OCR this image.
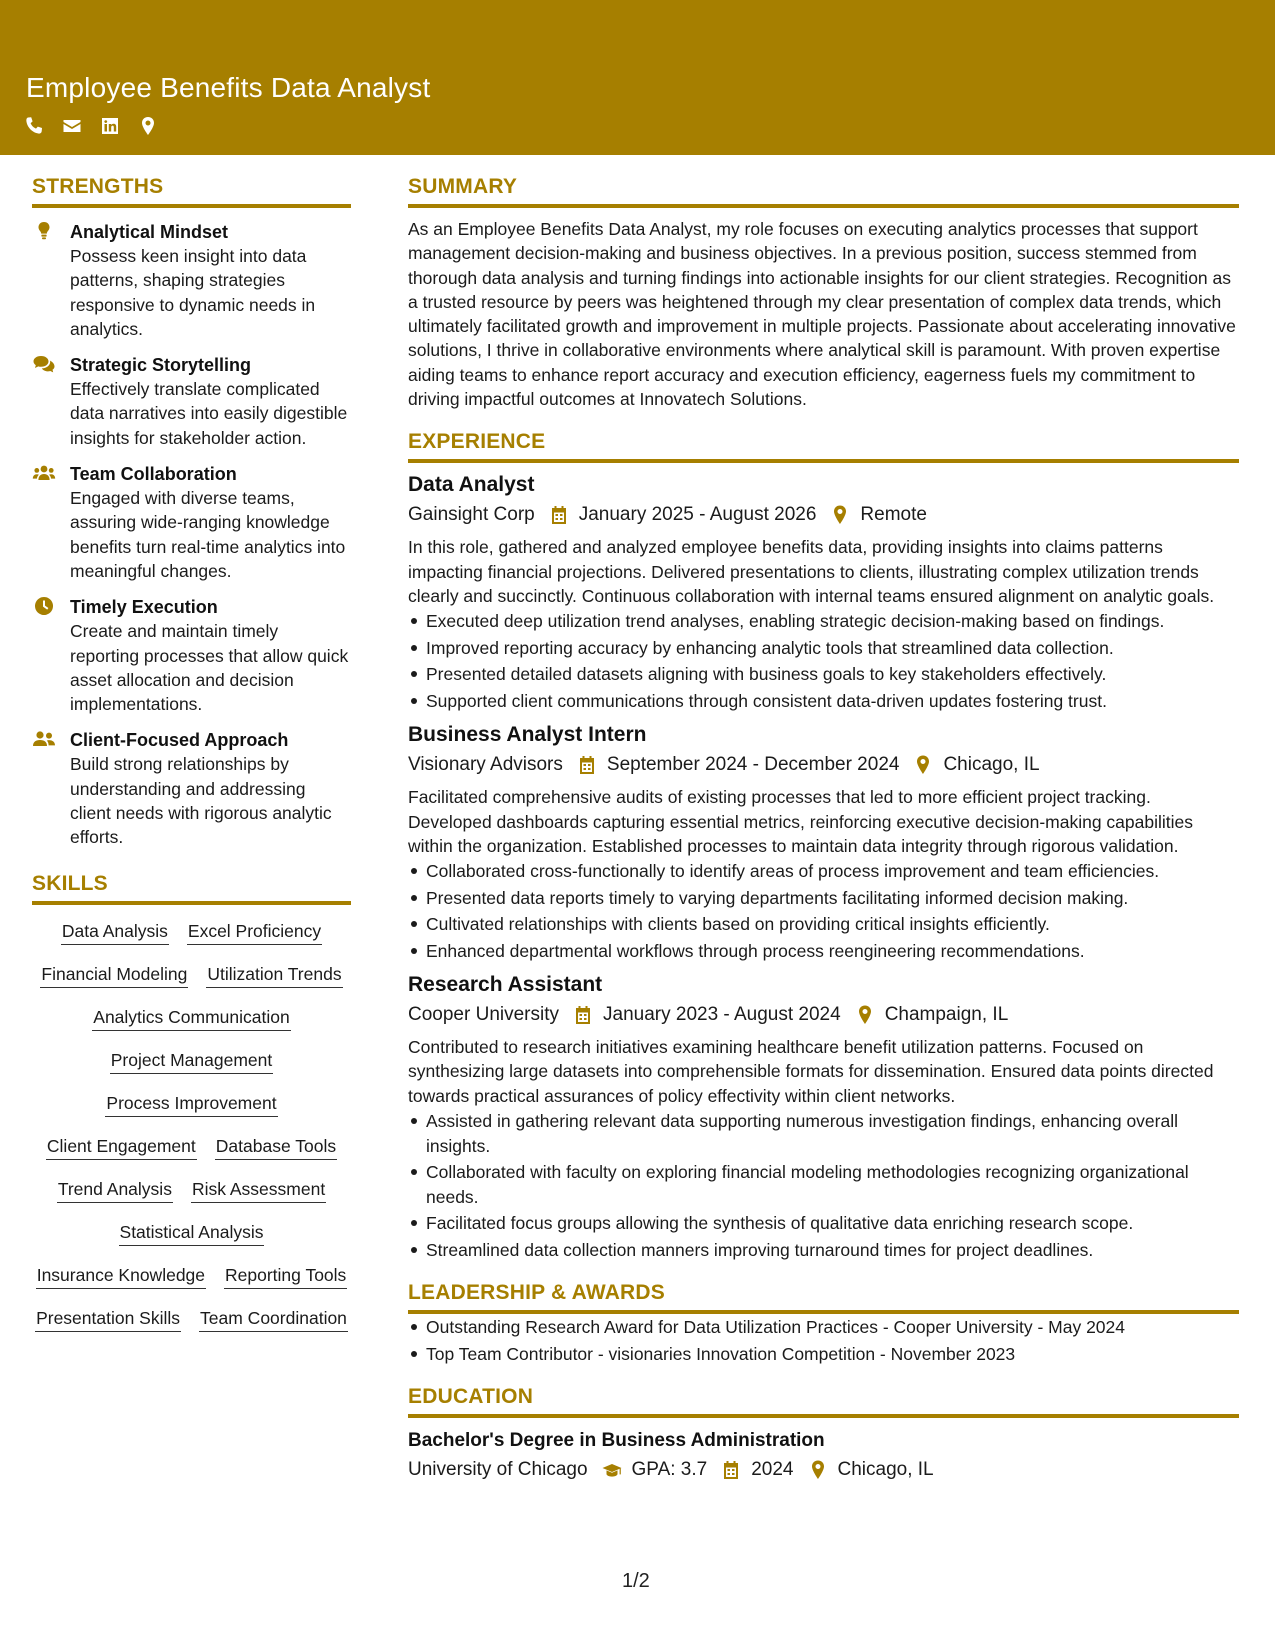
Employee Benefits Data Analyst
STRENGTHS
Analytical Mindset
Possess keen insight into data patterns, shaping strategies responsive to dynamic needs in analytics.
Strategic Storytelling
Effectively translate complicated data narratives into easily digestible insights for stakeholder action.
Team Collaboration
Engaged with diverse teams, assuring wide-ranging knowledge benefits turn real-time analytics into meaningful changes.
Timely Execution
Create and maintain timely reporting processes that allow quick asset allocation and decision implementations.
Client-Focused Approach
Build strong relationships by understanding and addressing client needs with rigorous analytic efforts.
SKILLS
Data Analysis Excel Proficiency
Financial Modeling Utilization Trends
Analytics Communication
Project Management
Process Improvement
Client Engagement Database Tools
Trend Analysis Risk Assessment
Statistical Analysis
Insurance Knowledge Reporting Tools
Presentation Skills Team Coordination
SUMMARY

As an Employee Benefits Data Analyst, my role focuses on executing analytics processes that support management decision-making and business objectives. In a previous position, success stemmed from thorough data analysis and turning findings into actionable insights for our client strategies. Recognition as a trusted resource by peers was heightened through my clear presentation of complex data trends, which ultimately facilitated growth and improvement in multiple projects. Passionate about accelerating innovative solutions, I thrive in collaborative environments where analytical skill is paramount. With proven expertise aiding teams to enhance report accuracy and execution efficiency, eagerness fuels my commitment to driving impactful outcomes at Innovatech Solutions.

EXPERIENCE
Data Analyst
Gainsight Corp January 2025 - August 2026 Remote

In this role, gathered and analyzed employee benefits data, providing insights into claims patterns impacting financial projections. Delivered presentations to clients, illustrating complex utilization trends clearly and succinctly. Continuous collaboration with internal teams ensured alignment on analytic goals.

Executed deep utilization trend analyses, enabling strategic decision-making based on findings.
Improved reporting accuracy by enhancing analytic tools that streamlined data collection.
Presented detailed datasets aligning with business goals to key stakeholders effectively.
Supported client communications through consistent data-driven updates fostering trust.
Business Analyst Intern
Visionary Advisors September 2024 - December 2024 Chicago, IL

Facilitated comprehensive audits of existing processes that led to more efficient project tracking. Developed dashboards capturing essential metrics, reinforcing executive decision-making capabilities within the organization. Established processes to maintain data integrity through rigorous validation.

Collaborated cross-functionally to identify areas of process improvement and team efficiencies.
Presented data reports timely to varying departments facilitating informed decision making.
Cultivated relationships with clients based on providing critical insights efficiently.
Enhanced departmental workflows through process reengineering recommendations.
Research Assistant
Cooper University January 2023 - August 2024 Champaign, IL

Contributed to research initiatives examining healthcare benefit utilization patterns. Focused on synthesizing large datasets into comprehensible formats for dissemination. Ensured data points directed towards practical assurances of policy effectivity within client networks.

Assisted in gathering relevant data supporting numerous investigation findings, enhancing overall insights.
Collaborated with faculty on exploring financial modeling methodologies recognizing organizational needs.
Facilitated focus groups allowing the synthesis of qualitative data enriching research scope.
Streamlined data collection manners improving turnaround times for project deadlines.
LEADERSHIP & AWARDS
Outstanding Research Award for Data Utilization Practices - Cooper University - May 2024
Top Team Contributor - visionaries Innovation Competition - November 2023
EDUCATION
Bachelor's Degree in Business Administration
University of Chicago GPA: 3.7 2024 Chicago, IL
1/2
